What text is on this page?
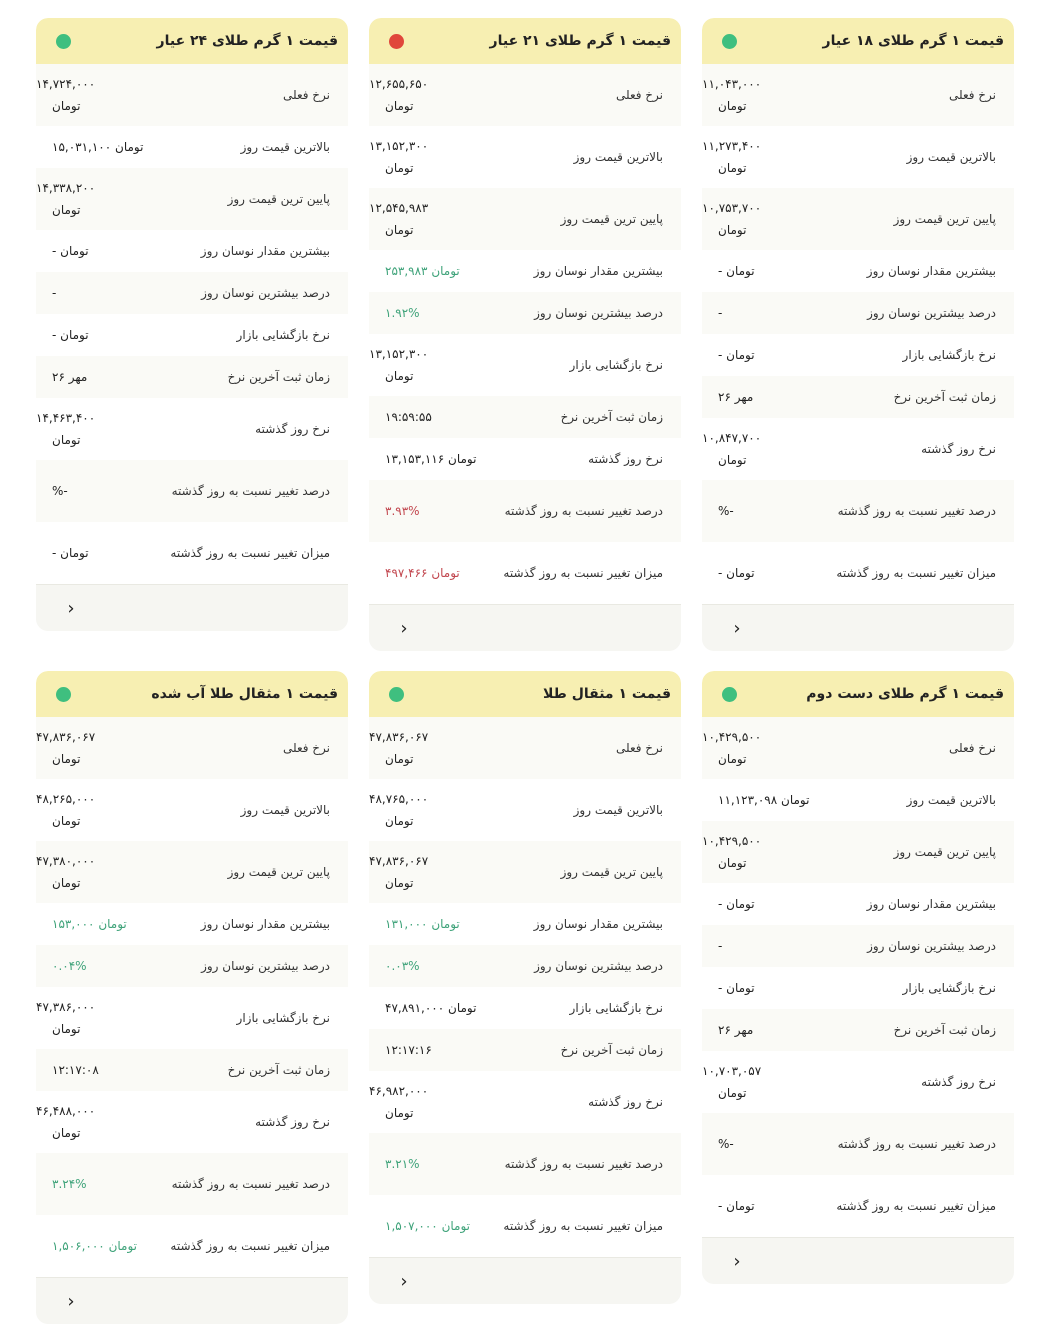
قیمت ۱ گرم طلای ۱۸ عیار
نرخ فعلی
۱۱,۰۴۳,۰۰۰
تومان
بالاترین قیمت روز
۱۱,۲۷۳,۴۰۰
تومان
پایین ترین قیمت روز
۱۰,۷۵۳,۷۰۰
تومان
بیشترین مقدار نوسان روز
- تومان
درصد بیشترین نوسان روز
-
نرخ بازگشایی بازار
- تومان
زمان ثبت آخرین نرخ
۲۶ مهر
نرخ روز گذشته
۱۰,۸۴۷,۷۰۰
تومان
درصد تغییر نسبت به روز گذشته
%-
میزان تغییر نسبت به روز گذشته
- تومان
›
قیمت ۱ گرم طلای ۲۱ عیار
نرخ فعلی
۱۲,۶۵۵,۶۵۰
تومان
بالاترین قیمت روز
۱۳,۱۵۲,۳۰۰
تومان
پایین ترین قیمت روز
۱۲,۵۴۵,۹۸۳
تومان
بیشترین مقدار نوسان روز
۲۵۳,۹۸۳ تومان
درصد بیشترین نوسان روز
۱.۹۲%
نرخ بازگشایی بازار
۱۳,۱۵۲,۳۰۰
تومان
زمان ثبت آخرین نرخ
۱۹:۵۹:۵۵
نرخ روز گذشته
۱۳,۱۵۳,۱۱۶ تومان
درصد تغییر نسبت به روز گذشته
۳.۹۳%
میزان تغییر نسبت به روز گذشته
۴۹۷,۴۶۶ تومان
›
قیمت ۱ گرم طلای ۲۴ عیار
نرخ فعلی
۱۴,۷۲۴,۰۰۰
تومان
بالاترین قیمت روز
۱۵,۰۳۱,۱۰۰ تومان
پایین ترین قیمت روز
۱۴,۳۳۸,۲۰۰
تومان
بیشترین مقدار نوسان روز
- تومان
درصد بیشترین نوسان روز
-
نرخ بازگشایی بازار
- تومان
زمان ثبت آخرین نرخ
۲۶ مهر
نرخ روز گذشته
۱۴,۴۶۳,۴۰۰
تومان
درصد تغییر نسبت به روز گذشته
%-
میزان تغییر نسبت به روز گذشته
- تومان
›
قیمت ۱ گرم طلای دست دوم
نرخ فعلی
۱۰,۴۲۹,۵۰۰
تومان
بالاترین قیمت روز
۱۱,۱۲۳,۰۹۸ تومان
پایین ترین قیمت روز
۱۰,۴۲۹,۵۰۰
تومان
بیشترین مقدار نوسان روز
- تومان
درصد بیشترین نوسان روز
-
نرخ بازگشایی بازار
- تومان
زمان ثبت آخرین نرخ
۲۶ مهر
نرخ روز گذشته
۱۰,۷۰۳,۰۵۷
تومان
درصد تغییر نسبت به روز گذشته
%-
میزان تغییر نسبت به روز گذشته
- تومان
›
قیمت ۱ مثقال طلا
نرخ فعلی
۴۷,۸۳۶,۰۶۷
تومان
بالاترین قیمت روز
۴۸,۷۶۵,۰۰۰
تومان
پایین ترین قیمت روز
۴۷,۸۳۶,۰۶۷
تومان
بیشترین مقدار نوسان روز
۱۳۱,۰۰۰ تومان
درصد بیشترین نوسان روز
۰.۰۳%
نرخ بازگشایی بازار
۴۷,۸۹۱,۰۰۰ تومان
زمان ثبت آخرین نرخ
۱۲:۱۷:۱۶
نرخ روز گذشته
۴۶,۹۸۲,۰۰۰
تومان
درصد تغییر نسبت به روز گذشته
۳.۲۱%
میزان تغییر نسبت به روز گذشته
۱,۵۰۷,۰۰۰ تومان
›
قیمت ۱ مثقال طلا آب شده
نرخ فعلی
۴۷,۸۳۶,۰۶۷
تومان
بالاترین قیمت روز
۴۸,۲۶۵,۰۰۰
تومان
پایین ترین قیمت روز
۴۷,۳۸۰,۰۰۰
تومان
بیشترین مقدار نوسان روز
۱۵۳,۰۰۰ تومان
درصد بیشترین نوسان روز
۰.۰۴%
نرخ بازگشایی بازار
۴۷,۳۸۶,۰۰۰
تومان
زمان ثبت آخرین نرخ
۱۲:۱۷:۰۸
نرخ روز گذشته
۴۶,۴۸۸,۰۰۰
تومان
درصد تغییر نسبت به روز گذشته
۳.۲۴%
میزان تغییر نسبت به روز گذشته
۱,۵۰۶,۰۰۰ تومان
›
